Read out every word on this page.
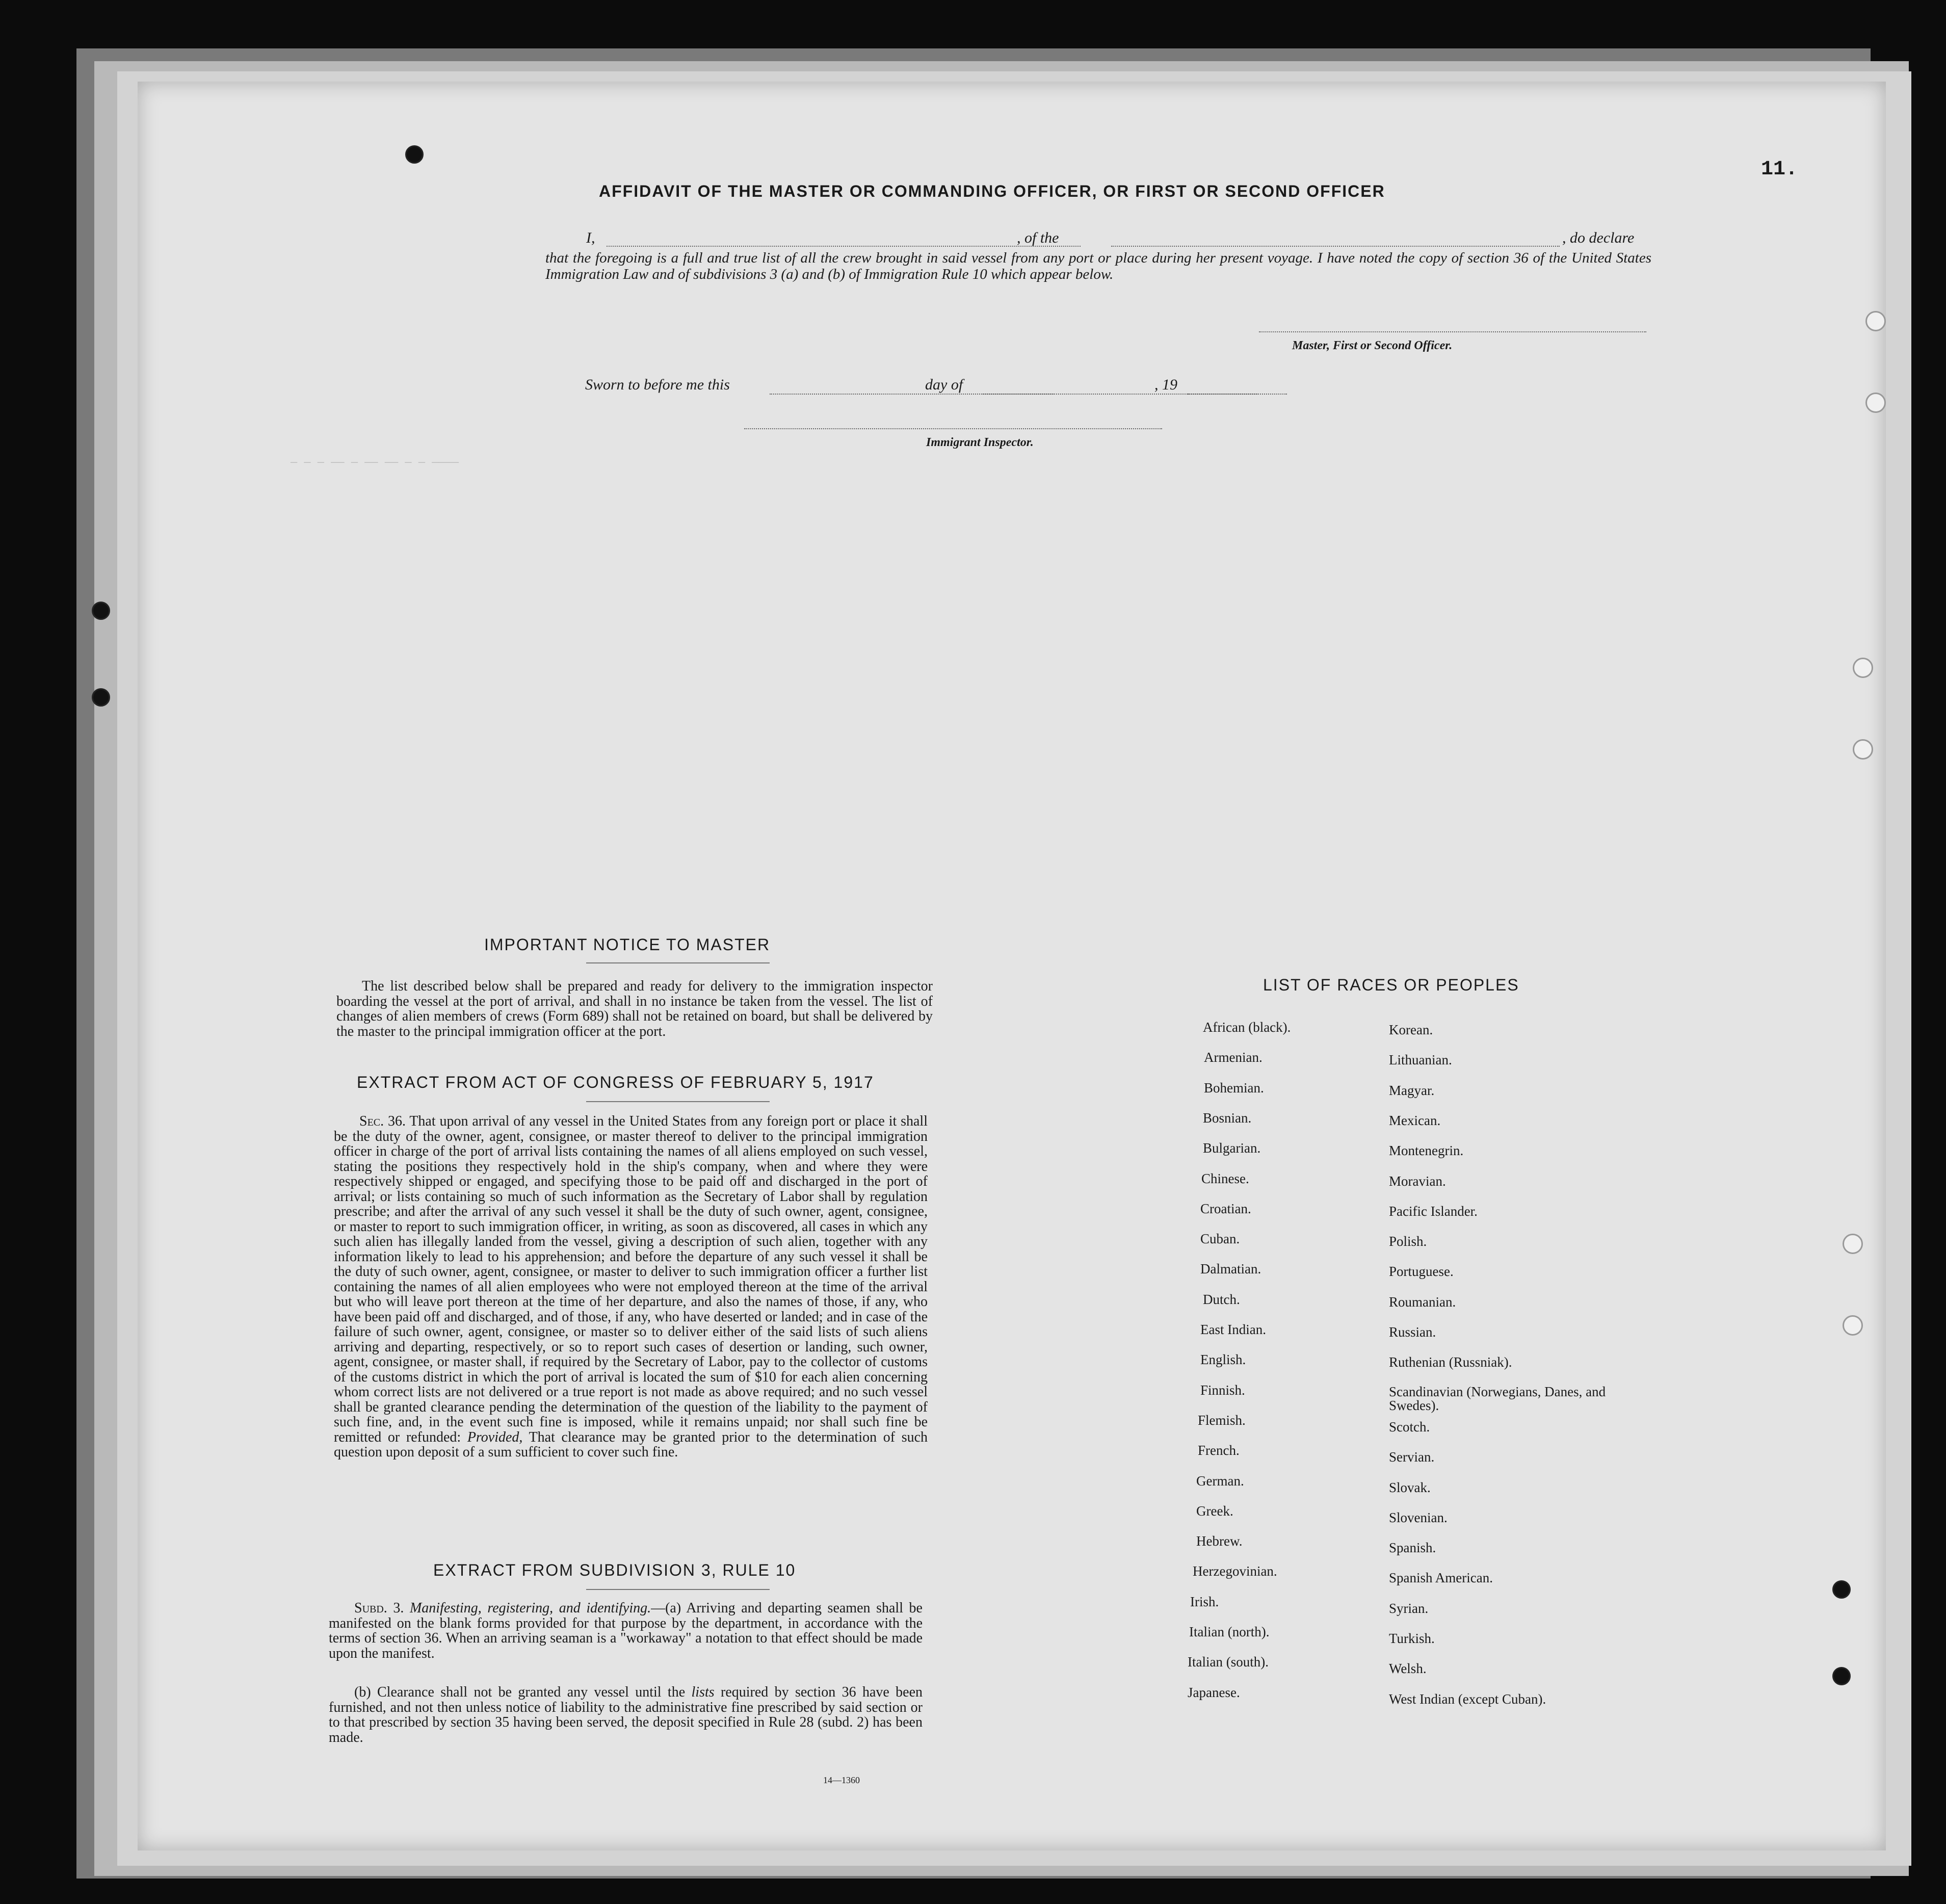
11.
— — — —— — —— —— — — ————
AFFIDAVIT OF THE MASTER OR COMMANDING OFFICER, OR FIRST OR SECOND OFFICER
I,	, of the	, do declare
that the foregoing is a full and true list of all the crew brought in said vessel from any port or place during her present voyage. I have noted the copy of section 36 of the United States Immigration Law and of subdivisions 3 (a) and (b) of Immigration Rule 10 which appear below.
Master, First or Second Officer.
Sworn to before me this	day of	, 19
Immigrant Inspector.
IMPORTANT NOTICE TO MASTER
The list described below shall be prepared and ready for delivery to the immigration inspector boarding the vessel at the port of arrival, and shall in no instance be taken from the vessel. The list of changes of alien members of crews (Form 689) shall not be retained on board, but shall be delivered by the master to the principal immigration officer at the port.
EXTRACT FROM ACT OF CONGRESS OF FEBRUARY 5, 1917
Sec. 36. That upon arrival of any vessel in the United States from any foreign port or place it shall be the duty of the owner, agent, consignee, or master thereof to deliver to the principal immigration officer in charge of the port of arrival lists containing the names of all aliens employed on such vessel, stating the positions they respectively hold in the ship's company, when and where they were respectively shipped or engaged, and specifying those to be paid off and discharged in the port of arrival; or lists containing so much of such information as the Secretary of Labor shall by regulation prescribe; and after the arrival of any such vessel it shall be the duty of such owner, agent, consignee, or master to report to such immigration officer, in writing, as soon as discovered, all cases in which any such alien has illegally landed from the vessel, giving a description of such alien, together with any information likely to lead to his apprehension; and before the departure of any such vessel it shall be the duty of such owner, agent, consignee, or master to deliver to such immigration officer a further list containing the names of all alien employees who were not employed thereon at the time of the arrival but who will leave port thereon at the time of her departure, and also the names of those, if any, who have been paid off and discharged, and of those, if any, who have deserted or landed; and in case of the failure of such owner, agent, consignee, or master so to deliver either of the said lists of such aliens arriving and departing, respectively, or so to report such cases of desertion or landing, such owner, agent, consignee, or master shall, if required by the Secretary of Labor, pay to the collector of customs of the customs district in which the port of arrival is located the sum of $10 for each alien concerning whom correct lists are not delivered or a true report is not made as above required; and no such vessel shall be granted clearance pending the determination of the question of the liability to the payment of such fine, and, in the event such fine is imposed, while it remains unpaid; nor shall such fine be remitted or refunded: Provided, That clearance may be granted prior to the determination of such question upon deposit of a sum sufficient to cover such fine.
EXTRACT FROM SUBDIVISION 3, RULE 10
Subd. 3. Manifesting, registering, and identifying.—(a) Arriving and departing seamen shall be manifested on the blank forms provided for that purpose by the department, in accordance with the terms of section 36. When an arriving seaman is a "workaway" a notation to that effect should be made upon the manifest.
(b) Clearance shall not be granted any vessel until the lists required by section 36 have been furnished, and not then unless notice of liability to the administrative fine prescribed by said section or to that prescribed by section 35 having been served, the deposit specified in Rule 28 (subd. 2) has been made.
14—1360
LIST OF RACES OR PEOPLES
African (black).
Armenian.
Bohemian.
Bosnian.
Bulgarian.
Chinese.
Croatian.
Cuban.
Dalmatian.
Dutch.
East Indian.
English.
Finnish.
Flemish.
French.
German.
Greek.
Hebrew.
Herzegovinian.
Irish.
Italian (north).
Italian (south).
Japanese.
Korean.
Lithuanian.
Magyar.
Mexican.
Montenegrin.
Moravian.
Pacific Islander.
Polish.
Portuguese.
Roumanian.
Russian.
Ruthenian (Russniak).
Scandinavian (Norwegians, Danes, and Swedes).
Scotch.
Servian.
Slovak.
Slovenian.
Spanish.
Spanish American.
Syrian.
Turkish.
Welsh.
West Indian (except Cuban).
